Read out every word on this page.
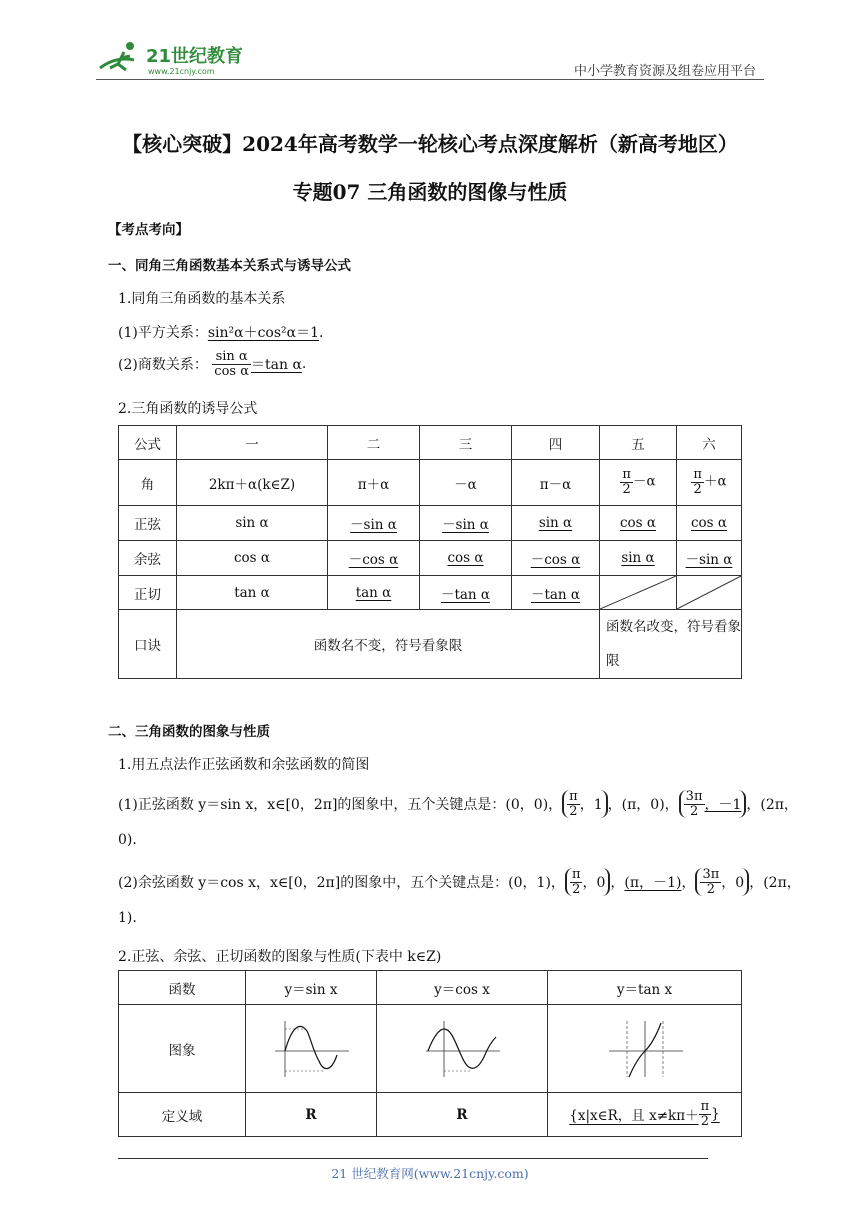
21世纪教育
www.21cnjy.com	中小学教育资源及组卷应用平台
【核心突破】2024年高考数学一轮核心考点深度解析（新高考地区）
专题07 三角函数的图像与性质
【考点考向】
一、同角三角函数基本关系式与诱导公式
1.同角三角函数的基本关系
(1)平方关系：sin²α＋cos²α＝1.
(2)商数关系： $\frac{\text{sin α}}{\text{cos α}} =\tan$ α.
2.三角函数的诱导公式
公式	一	二	三	四	五	六
角	2kπ＋α(k∈Z)	π＋α	－α	π－α	$\frac{\pi}{2} -\alpha$	$\frac{\pi}{2} +\alpha$
正弦	sin α	－sin α	－sin α	sin α	cos α	cos α
余弦	cos α	－cos α	cos α	－cos α	sin α	－sin α
正切	tan α	tan α	－tan α	－tan α	

口诀	函数名不变，符号看象限				函数名改变，符号看象
限	
二、三角函数的图象与性质
1.用五点法作正弦函数和余弦函数的简图
(1)正弦函数 y＝sin x，x∈[0，2π]的图象中，五个关键点是：(0，0)， $\frac{\pi}{2}$ ，1 ，(π，0)， $\frac{3\pi}{2}$ ，－1 ，(2π，
0).
(2)余弦函数 y＝cos x，x∈[0，2π]的图象中，五个关键点是：(0，1)， $\frac{\pi}{2}$ ，0 ，(π，－1)， $\frac{3\pi}{2}$ ，0 ，(2π，
1).
2.正弦、余弦、正切函数的图象与性质(下表中 k∈Z)
函数	y＝sin x	y＝cos x	y＝tan x
图象	

定义域	R	R	{x|x∈R，且 $x\ne k\pi+ \frac{\pi}{2}$ }
21 世纪教育网(www.21cnjy.com)
